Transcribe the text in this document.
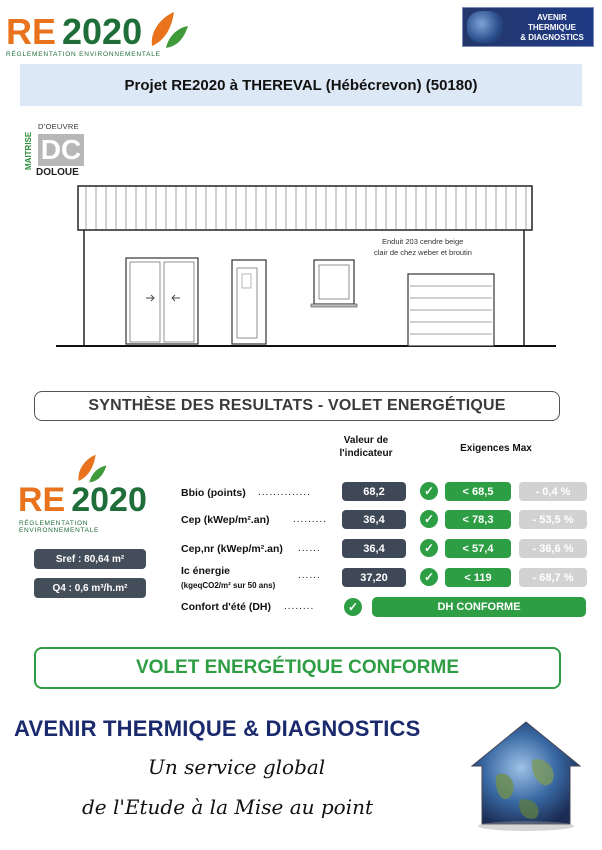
RE 2020
RÉGLEMENTATION ENVIRONNEMENTALE
AVENIR
THERMIQUE
& DIAGNOSTICS
Projet RE2020 à THEREVAL (Hébécrevon) (50180)
MAITRISE
D'OEUVRE
DC
DOLOUE
Enduit 203 cendre beige
clair de chez weber et broutin
SYNTHÈSE DES RESULTATS - VOLET ENERGÉTIQUE
Valeur de l'indicateur	Exigences Max
RE 2020
RÉGLEMENTATION ENVIRONNEMENTALE
Sref : 80,64 m²
Q4 : 0,6 m³/h.m²
Bbio (points) ..............	68,2	✓	< 68,5	- 0,4 %
Cep (kWep/m².an) .........	36,4	✓	< 78,3	- 53,5 %
Cep,nr (kWep/m².an) ......	36,4	✓	< 57,4	- 36,6 %
Ic énergie
(kgeqCO2/m² sur 50 ans)
......	37,20	✓	< 119	- 68,7 %
Confort d'été (DH) ........	✓	DH CONFORME
VOLET ENERGÉTIQUE CONFORME
AVENIR THERMIQUE & DIAGNOSTICS
Un service global
de l'Etude à la Mise au point
